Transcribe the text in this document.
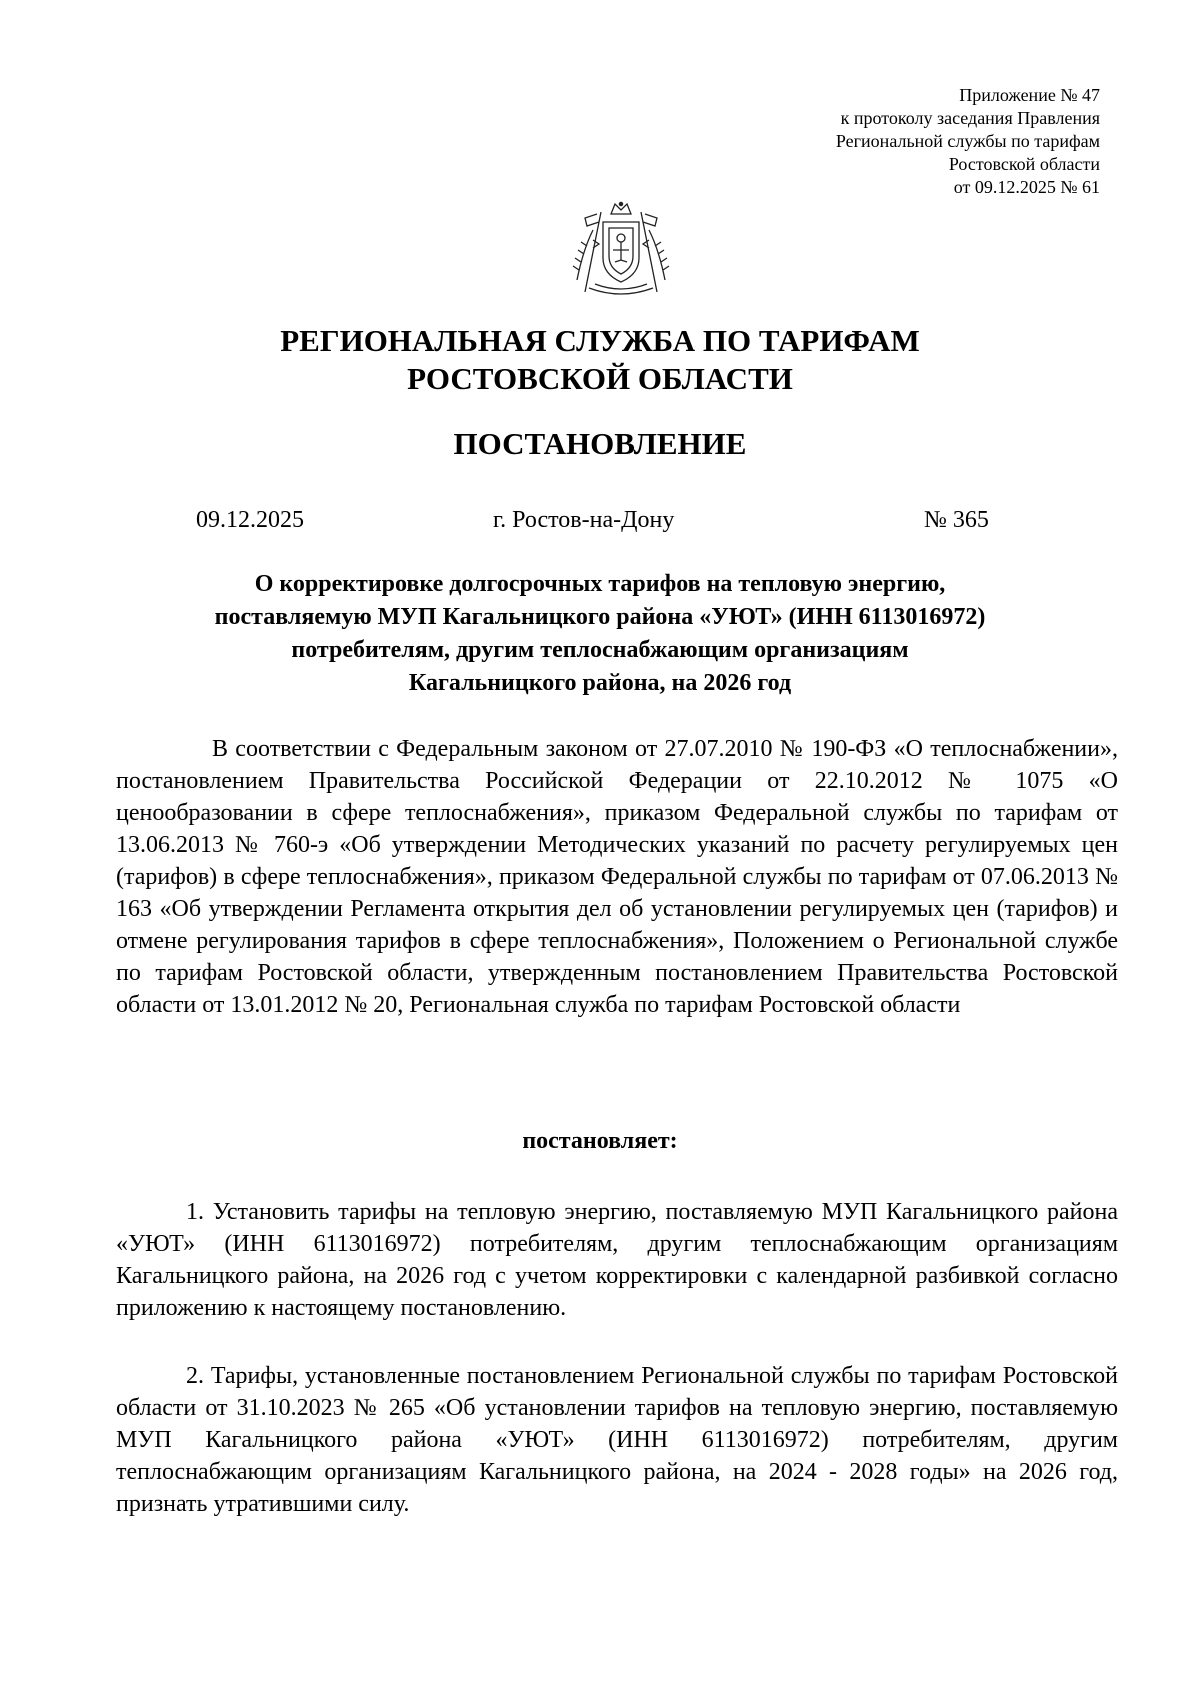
Приложение № 47
к протоколу заседания Правления
Региональной службы по тарифам
Ростовской области
от 09.12.2025 № 61
РЕГИОНАЛЬНАЯ СЛУЖБА ПО ТАРИФАМ
РОСТОВСКОЙ ОБЛАСТИ
ПОСТАНОВЛЕНИЕ
09.12.2025	г. Ростов-на-Дону	№ 365
О корректировке долгосрочных тарифов на тепловую энергию,
поставляемую МУП Кагальницкого района «УЮТ» (ИНН 6113016972)
потребителям, другим теплоснабжающим организациям
Кагальницкого района, на 2026 год

В соответствии с Федеральным законом от 27.07.2010 № 190-ФЗ «О теплоснабжении», постановлением Правительства Российской Федерации от 22.10.2012 № 1075 «О ценообразовании в сфере теплоснабжения», приказом Федеральной службы по тарифам от 13.06.2013 № 760-э «Об утверждении Методических указаний по расчету регулируемых цен (тарифов) в сфере теплоснабжения», приказом Федеральной службы по тарифам от 07.06.2013 № 163 «Об утверждении Регламента открытия дел об установлении регулируемых цен (тарифов) и отмене регулирования тарифов в сфере теплоснабжения», Положением о Региональной службе по тарифам Ростовской области, утвержденным постановлением Правительства Ростовской области от 13.01.2012 № 20, Региональная служба по тарифам Ростовской области

постановляет:

1. Установить тарифы на тепловую энергию, поставляемую МУП Кагальницкого района «УЮТ» (ИНН 6113016972) потребителям, другим теплоснабжающим организациям Кагальницкого района, на 2026 год с учетом корректировки с календарной разбивкой согласно приложению к настоящему постановлению.

2. Тарифы, установленные постановлением Региональной службы по тарифам Ростовской области от 31.10.2023 № 265 «Об установлении тарифов на тепловую энергию, поставляемую МУП Кагальницкого района «УЮТ» (ИНН 6113016972) потребителям, другим теплоснабжающим организациям Кагальницкого района, на 2024 - 2028 годы» на 2026 год, признать утратившими силу.
